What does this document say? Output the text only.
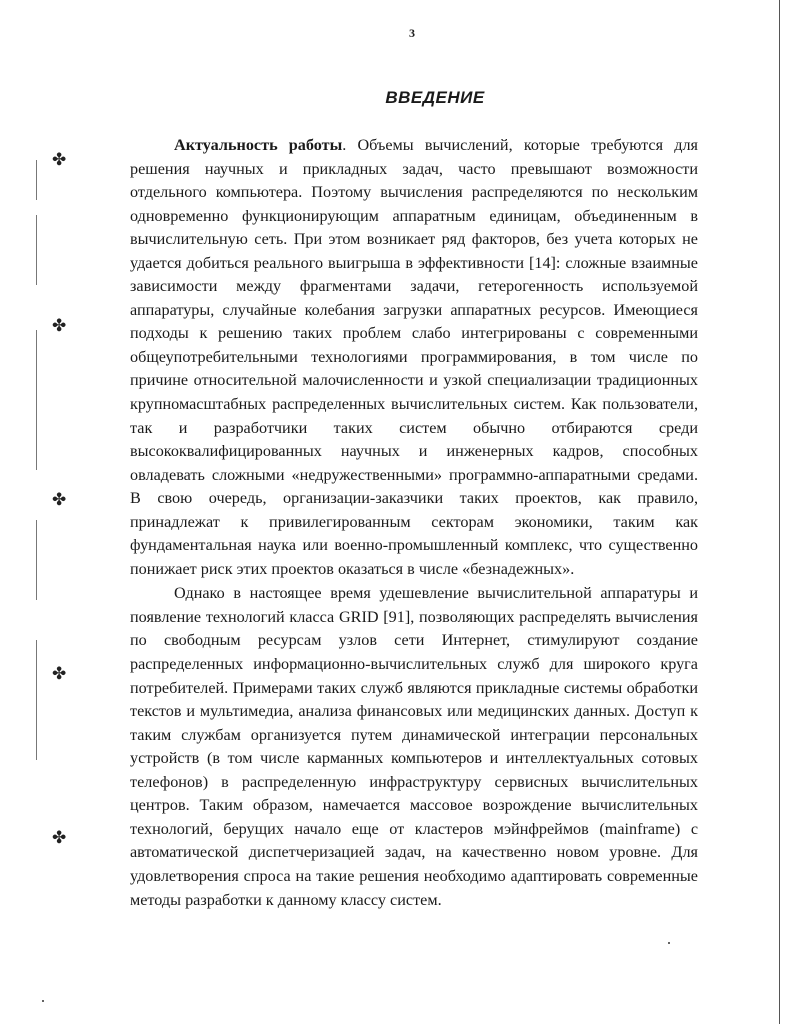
✤
✤
✤
✤
✤
3
ВВЕДЕНИЕ

Актуальность работы. Объемы вычислений, которые требуются для решения научных и прикладных задач, часто превышают возможности отдельного компьютера. Поэтому вычисления распределяются по нескольким одновременно функционирующим аппаратным единицам, объединенным в вычислительную сеть. При этом возникает ряд факторов, без учета которых не удается добиться реального выигрыша в эффективности [14]: сложные взаимные зависимости между фрагментами задачи, гетерогенность используемой аппаратуры, случайные колебания загрузки аппаратных ресурсов. Имеющиеся подходы к решению таких проблем слабо интегрированы с современными общеупотребительными технологиями программирования, в том числе по причине относительной малочисленности и узкой специализации традиционных крупномасштабных распределенных вычислительных систем. Как пользователи, так и разработчики таких систем обычно отбираются среди высококвалифицированных научных и инженерных кадров, способных овладевать сложными «недружественными» программно-аппаратными средами. В свою очередь, организации-заказчики таких проектов, как правило, принадлежат к привилегированным секторам экономики, таким как фундаментальная наука или военно-промышленный комплекс, что существенно понижает риск этих проектов оказаться в числе «безнадежных».

Однако в настоящее время удешевление вычислительной аппаратуры и появление технологий класса GRID [91], позволяющих распределять вычисления по свободным ресурсам узлов сети Интернет, стимулируют создание распределенных информационно-вычислительных служб для широкого круга потребителей. Примерами таких служб являются прикладные системы обработки текстов и мультимедиа, анализа финансовых или медицинских данных. Доступ к таким службам организуется путем динамической интеграции персональных устройств (в том числе карманных компьютеров и интеллектуальных сотовых телефонов) в распределенную инфраструктуру сервисных вычислительных центров. Таким образом, намечается массовое возрождение вычислительных технологий, берущих начало еще от кластеров мэйнфреймов (mainframe) с автоматической диспетчеризацией задач, на качественно новом уровне. Для удовлетворения спроса на такие решения необходимо адаптировать современные методы разработки к данному классу систем.
